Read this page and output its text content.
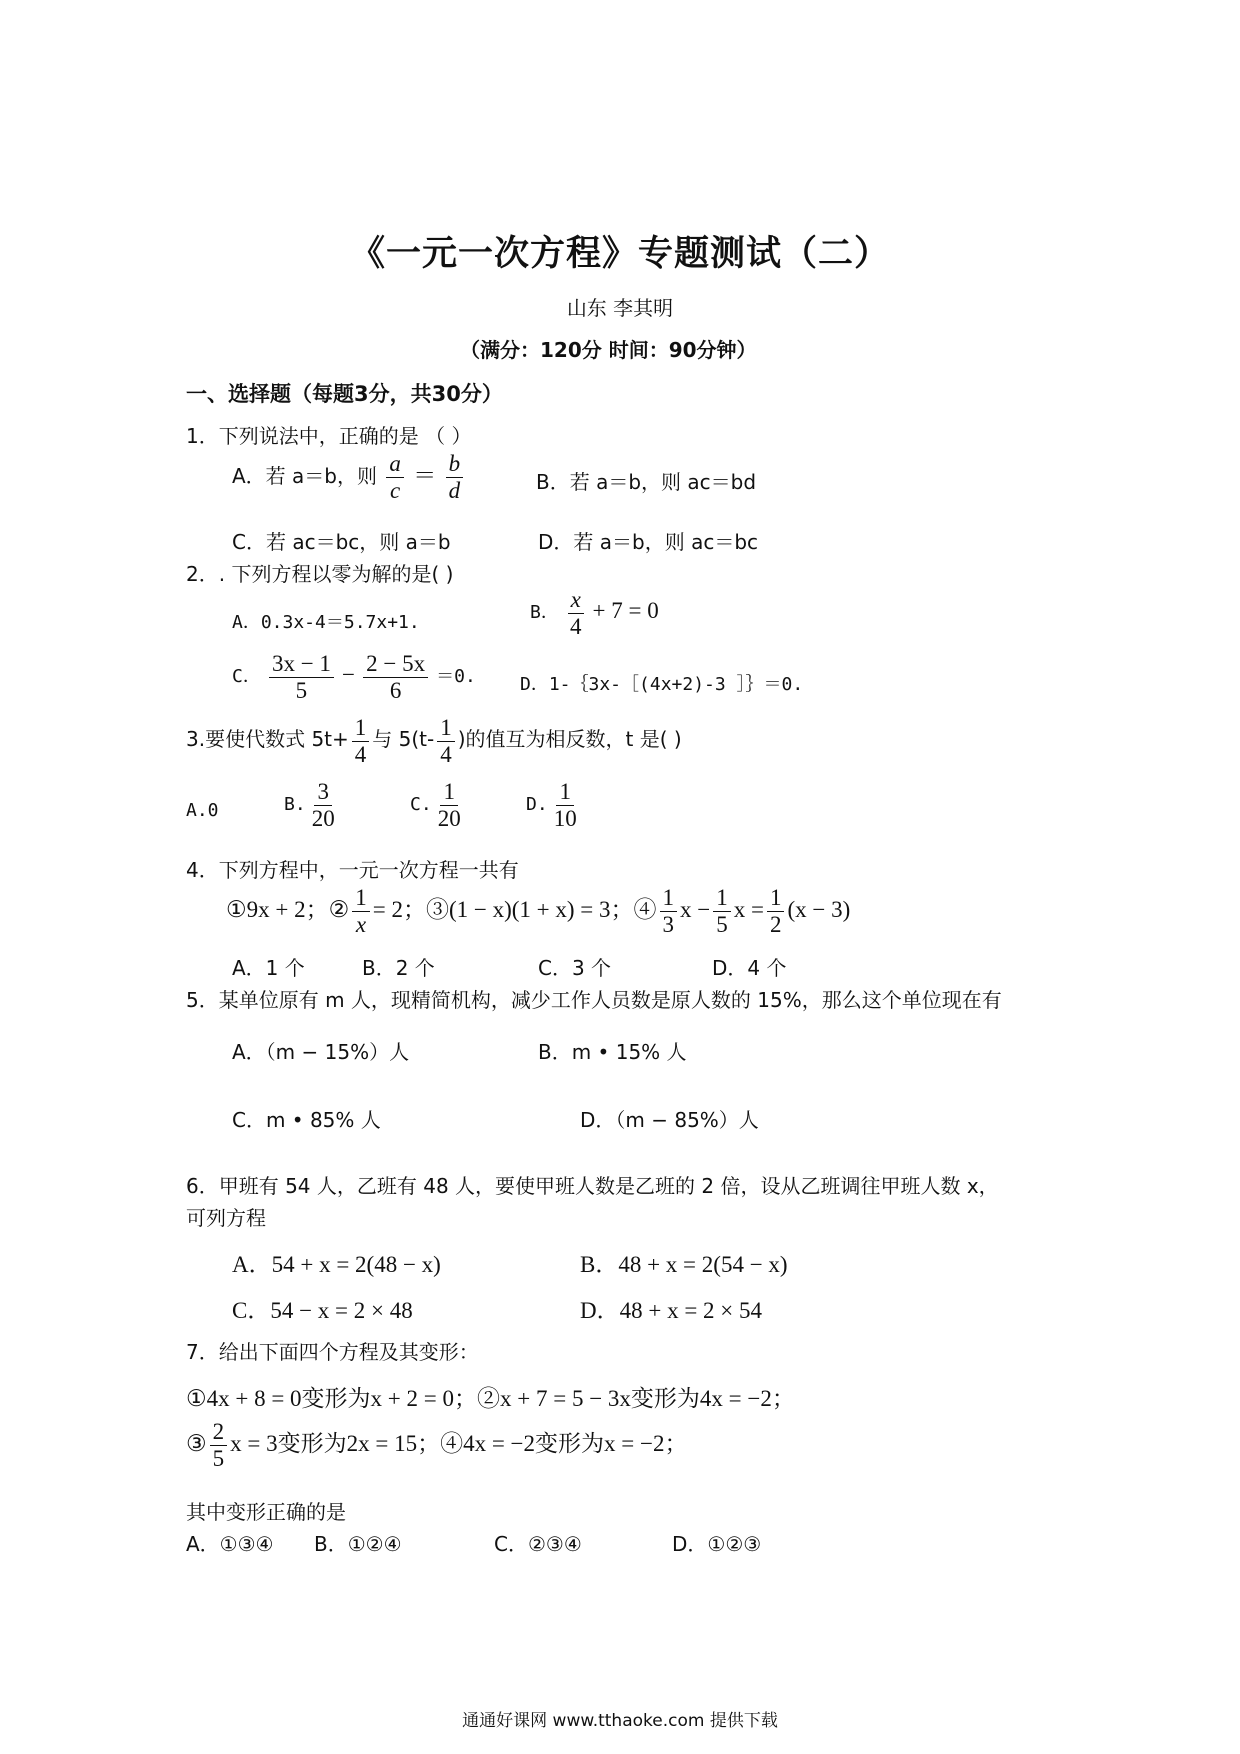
《一元一次方程》专题测试（二）
山东 李其明
（满分：120分 时间：90分钟）
一、选择题（每题3分，共30分）
1．下列说法中，正确的是 （ ）
A．若 a＝b，则 $\frac{a}{c} = \frac{b}{d}$	B．若 a＝b，则 ac＝bd
C．若 ac＝bc，则 a＝b	D．若 a＝b，则 ac＝bc
2．. 下列方程以零为解的是( )
A．0.3x-4＝5.7x+1.	B． $\frac{x}{4} + 7 = 0$
C． $\frac{3x - 1}{5} - \frac{2 - 5x}{6} =0$. D．1-｛3x-［(4x+2)-3 ］｝＝0.
3.要使代数式 $5t+ \frac{1}{4}$ 与 $5(t- \frac{1}{4}$ )的值互为相反数，t 是( )
A.0	B. $\frac{3}{20}$	C. $\frac{1}{20}$	D. $\frac{1}{10}$
4．下列方程中，一元一次方程一共有
①9x + 2；② $\frac{1}{x} = 2$；③(1 − x)(1 + x) = 3；④ $\frac{1}{3}$ $x - \frac{1}{5}$ $x = \frac{1}{2} (x - 3)$
A．1 个	B．2 个	C．3 个	D．4 个
5．某单位原有 m 人，现精简机构，减少工作人员数是原人数的 15%，那么这个单位现在有
A．（m − 15%）人	B．m • 15% 人
C．m • 85% 人	D．（m − 85%）人
6．甲班有 54 人，乙班有 48 人，要使甲班人数是乙班的 2 倍，设从乙班调往甲班人数 x，
可列方程
A．54 + x = 2(48 − x)	B．48 + x = 2(54 − x)
C．54 − x = 2 × 48	D．48 + x = 2 × 54
7．给出下面四个方程及其变形：
①4x + 8 = 0变形为x + 2 = 0；②x + 7 = 5 − 3x变形为4x = −2；
③ $\frac{2}{5}$ x = 3变形为2x = 15；④4x = −2变形为x = −2；
其中变形正确的是
A．①③④ B．①②④	C．②③④	D．①②③
通通好课网 www.tthaoke.com 提供下载
